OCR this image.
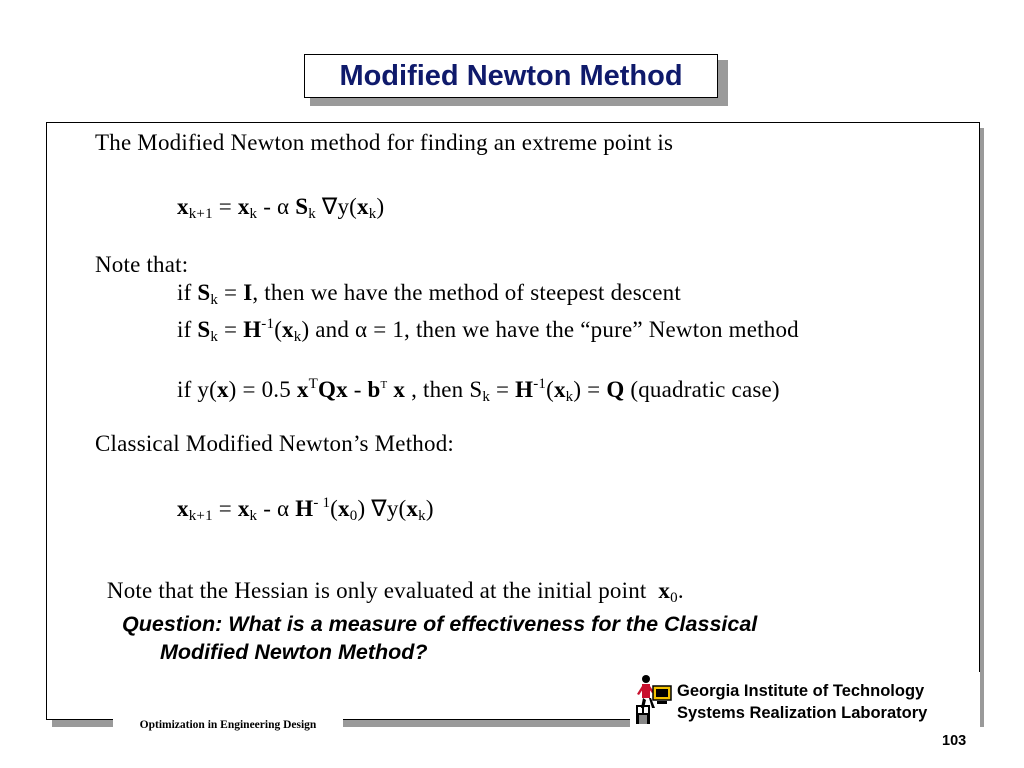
Modified Newton Method
The Modified Newton method for finding an extreme point is
$x_{k+1} = x_k - \alpha$ $S_k$ $\nabla y(x_k)$
Note that:
if $S_k = I$, then we have the method of steepest descent
if $S_k = H^{-1}(x_k)$ and α = 1, then we have the “pure” Newton method
if y(x) = 0.5 $x^TQx - b^T$ x , then $S_k = H^{-1}(x_k) = Q$ (quadratic case)
Classical Modified Newton’s Method:
$x_{k+1} = x_k - \alpha$ $H^{- 1}(x_0)$ $\nabla y(x_k)$

Note that the Hessian is only evaluated at the initial point  $x_0$.

Question: What is a measure of effectiveness for the Classical
Modified Newton Method?
Optimization in Engineering Design
Georgia Institute of Technology
Systems Realization Laboratory
103
